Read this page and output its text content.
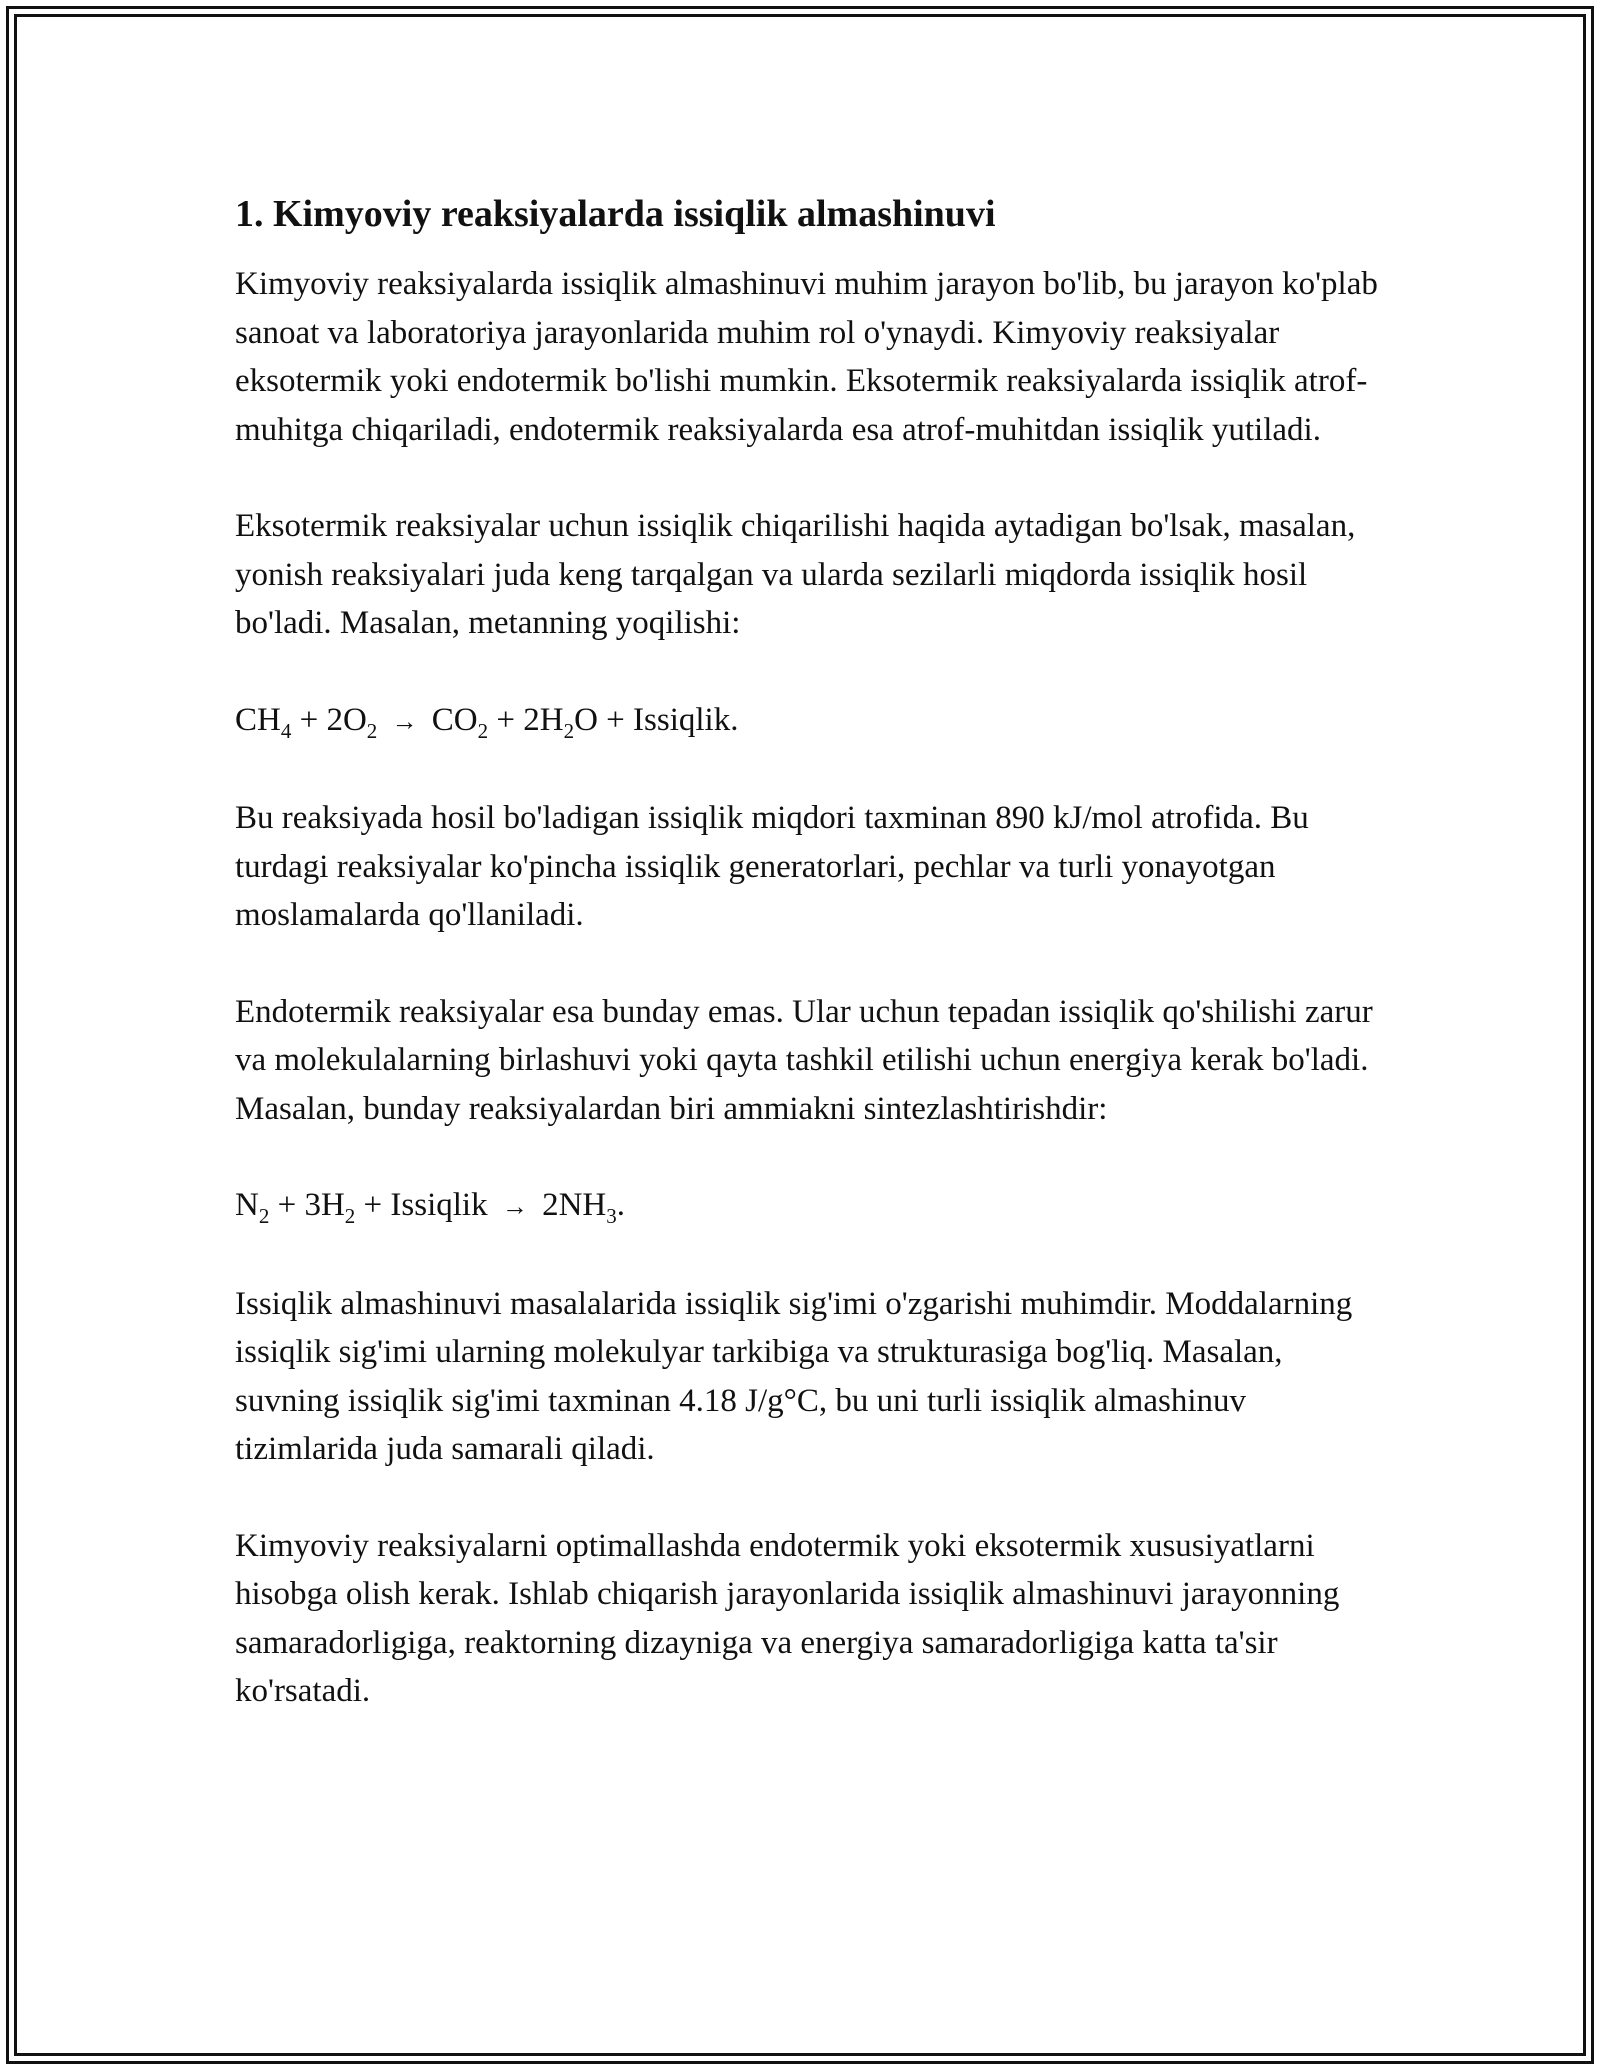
1. Kimyoviy reaksiyalarda issiqlik almashinuvi

Kimyoviy reaksiyalarda issiqlik almashinuvi muhim jarayon bo'lib, bu jarayon ko'plab sanoat va laboratoriya jarayonlarida muhim rol o'ynaydi. Kimyoviy reaksiyalar eksotermik yoki endotermik bo'lishi mumkin. Eksotermik reaksiyalarda issiqlik atrof-muhitga chiqariladi, endotermik reaksiyalarda esa atrof-muhitdan issiqlik yutiladi.

Eksotermik reaksiyalar uchun issiqlik chiqarilishi haqida aytadigan bo'lsak, masalan, yonish reaksiyalari juda keng tarqalgan va ularda sezilarli miqdorda issiqlik hosil bo'ladi. Masalan, metanning yoqilishi:

$CH_4 + 2O_2 \to CO_2 + 2H_2O$ + Issiqlik.

Bu reaksiyada hosil bo'ladigan issiqlik miqdori taxminan 890 kJ/mol atrofida. Bu turdagi reaksiyalar ko'pincha issiqlik generatorlari, pechlar va turli yonayotgan moslamalarda qo'llaniladi.

Endotermik reaksiyalar esa bunday emas. Ular uchun tepadan issiqlik qo'shilishi zarur va molekulalarning birlashuvi yoki qayta tashkil etilishi uchun energiya kerak bo'ladi. Masalan, bunday reaksiyalardan biri ammiakni sintezlashtirishdir:

$N_2 + 3H_2$ + Issiqlik → $2NH_3$.

Issiqlik almashinuvi masalalarida issiqlik sig'imi o'zgarishi muhimdir. Moddalarning issiqlik sig'imi ularning molekulyar tarkibiga va strukturasiga bog'liq. Masalan, suvning issiqlik sig'imi taxminan 4.18 J/g°C, bu uni turli issiqlik almashinuv tizimlarida juda samarali qiladi.

Kimyoviy reaksiyalarni optimallashda endotermik yoki eksotermik xususiyatlarni hisobga olish kerak. Ishlab chiqarish jarayonlarida issiqlik almashinuvi jarayonning samaradorligiga, reaktorning dizayniga va energiya samaradorligiga katta ta'sir ko'rsatadi.
